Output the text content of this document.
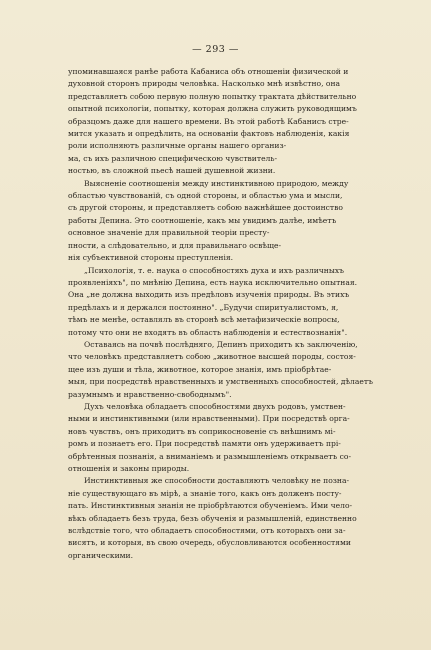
— 293 —

упоминавшаяся ранѣе работа Кабаниса объ отношеніи физической и
духовной сторонъ природы человѣка. Насколько мнѣ извѣстно, она
представляетъ собою первую полную попытку трактата дѣйствительно
опытной психологіи, попытку, которая должна служить руководящимъ
образцомъ даже для нашего времени. Въ этой работѣ Кабанисъ стре-
мится указать и опредѣлить, на основаніи фактовъ наблюденія, какія
роли исполняютъ различные органы нашего организ-
ма, съ ихъ различною специфическою чувствитель-
ностью, въ сложной пьесѣ нашей душевной жизни.

Выясненіе соотношенія между инстинктивною природою, между
областью чувствованій, съ одной стороны, и областью ума и мысли,
съ другой стороны, и представляетъ собою важнѣйшее достоинство
работы Депина. Это соотношеніе, какъ мы увидимъ далѣе, имѣетъ
основное значеніе для правильной теоріи престу-
пности, а слѣдовательно, и для правильнаго освѣще-
нія субъективной стороны преступленія.

„Психологія, т. е. наука о способностяхъ духа и ихъ различныхъ
проявленіяхъ", по мнѣнію Депина, есть наука исключительно опытная.
Она „не должна выходить изъ предѣловъ изученія природы. Въ этихъ
предѣлахъ и я держался постоянно". „Будучи спиритуалистомъ, я,
тѣмъ не менѣе, оставлялъ въ сторонѣ всѣ метафизическіе вопросы,
потому что они не входятъ въ область наблюденія и естествознанія".
Оставаясь на почвѣ послѣдняго, Депинъ приходитъ къ заключенію,
что человѣкъ представляетъ собою „животное высшей породы, состоя-
щее изъ души и тѣла, животное, которое знанія, имъ пріобрѣтае-
мыя, при посредствѣ нравственныхъ и умственныхъ способностей, дѣлаетъ
разумнымъ и нравственно-свободнымъ".

Духъ человѣка обладаетъ способностями двухъ родовъ, умствен-
ными и инстинктивными (или нравственными). При посредствѣ орга-
новъ чувствъ, онъ приходитъ въ соприкосновеніе съ внѣшнимъ мі-
ромъ и познаетъ его. При посредствѣ памяти онъ удерживаетъ прі-
обрѣтенныя познанія, а вниманіемъ и размышленіемъ открываетъ со-
отношенія и законы природы.

Инстинктивныя же способности доставляютъ человѣку не позна-
ніе существующаго въ мірѣ, а знаніе того, какъ онъ долженъ посту-
пать. Инстинктивныя знанія не пріобрѣтаются обученіемъ. Ими чело-
вѣкъ обладаетъ безъ труда, безъ обученія и размышленій, единственно
вслѣдствіе того, что обладаетъ способностями, отъ которыхъ они за-
висятъ, и которыя, въ свою очередь, обусловливаются особенностями
органическими.
